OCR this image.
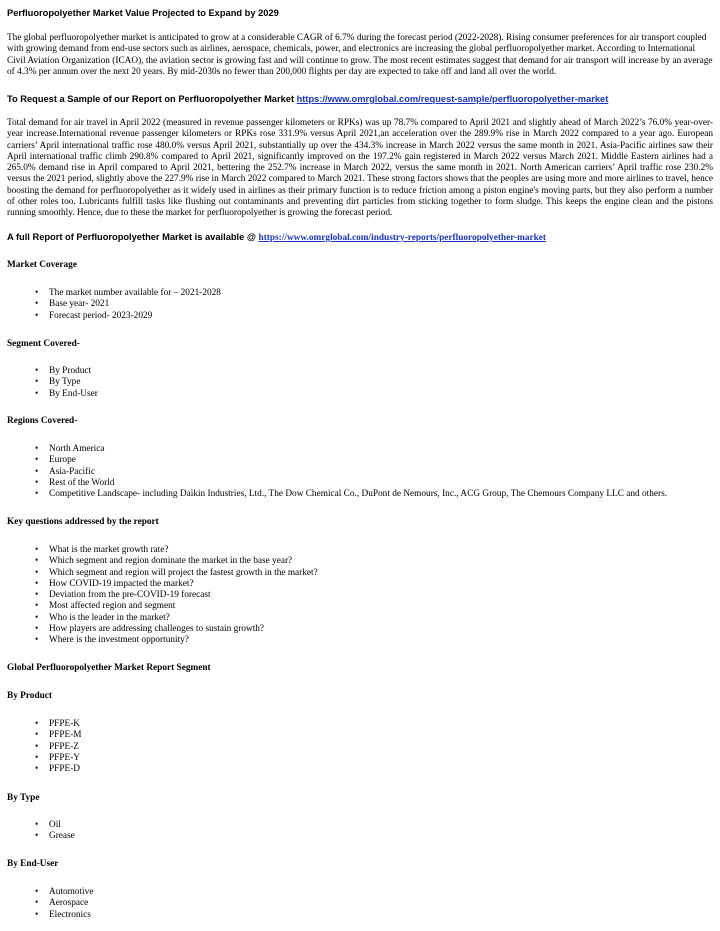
Perfluoropolyether Market Value Projected to Expand by 2029
The global perfluoropolyether market is anticipated to grow at a considerable CAGR of 6.7% during the forecast period (2022-2028). Rising consumer preferences for air transport coupled with growing demand from end-use sectors such as airlines, aerospace, chemicals, power, and electronics are increasing the global perfluoropolyether market. According to International Civil Aviation Organization (ICAO), the aviation sector is growing fast and will continue to grow. The most recent estimates suggest that demand for air transport will increase by an average of 4.3% per annum over the next 20 years. By mid-2030s no fewer than 200,000 flights per day are expected to take off and land all over the world.
To Request a Sample of our Report on Perfluoropolyether Market https://www.omrglobal.com/request-sample/perfluoropolyether-market
Total demand for air travel in April 2022 (measured in revenue passenger kilometers or RPKs) was up 78.7% compared to April 2021 and slightly ahead of March 2022’s 76.0% year-over-year increase.International revenue passenger kilometers or RPKs rose 331.9% versus April 2021,an acceleration over the 289.9% rise in March 2022 compared to a year ago. European carriers’ April international traffic rose 480.0% versus April 2021, substantially up over the 434.3% increase in March 2022 versus the same month in 2021. Asia-Pacific airlines saw their April international traffic climb 290.8% compared to April 2021, significantly improved on the 197.2% gain registered in March 2022 versus March 2021. Middle Eastern airlines had a 265.0% demand rise in April compared to April 2021, bettering the 252.7% increase in March 2022, versus the same month in 2021. North American carriers’ April traffic rose 230.2% versus the 2021 period, slightly above the 227.9% rise in March 2022 compared to March 2021. These strong factors shows that the peoples are using more and more airlines to travel, hence boosting the demand for perfluoropolyether as it widely used in airlines as their primary function is to reduce friction among a piston engine's moving parts, but they also perform a number of other roles too. Lubricants fulfill tasks like flushing out contaminants and preventing dirt particles from sticking together to form sludge. This keeps the engine clean and the pistons running smoothly. Hence, due to these the market for perfluoropolyether is growing the forecast period.
A full Report of Perfluoropolyether Market is available @ https://www.omrglobal.com/industry-reports/perfluoropolyether-market
Market Coverage
• The market number available for – 2021-2028
• Base year- 2021
• Forecast period- 2023-2029
Segment Covered-
• By Product
• By Type
• By End-User
Regions Covered-
• North America
• Europe
• Asia-Pacific
• Rest of the World
• Competitive Landscape- including Daikin Industries, Ltd., The Dow Chemical Co., DuPont de Nemours, Inc., ACG Group, The Chemours Company LLC and others.
Key questions addressed by the report
• What is the market growth rate?
• Which segment and region dominate the market in the base year?
• Which segment and region will project the fastest growth in the market?
• How COVID-19 impacted the market?
• Deviation from the pre-COVID-19 forecast
• Most affected region and segment
• Who is the leader in the market?
• How players are addressing challenges to sustain growth?
• Where is the investment opportunity?
Global Perfluoropolyether Market Report Segment
By Product
• PFPE-K
• PFPE-M
• PFPE-Z
• PFPE-Y
• PFPE-D
By Type
• Oil
• Grease
By End-User
• Automotive
• Aerospace
• Electronics
